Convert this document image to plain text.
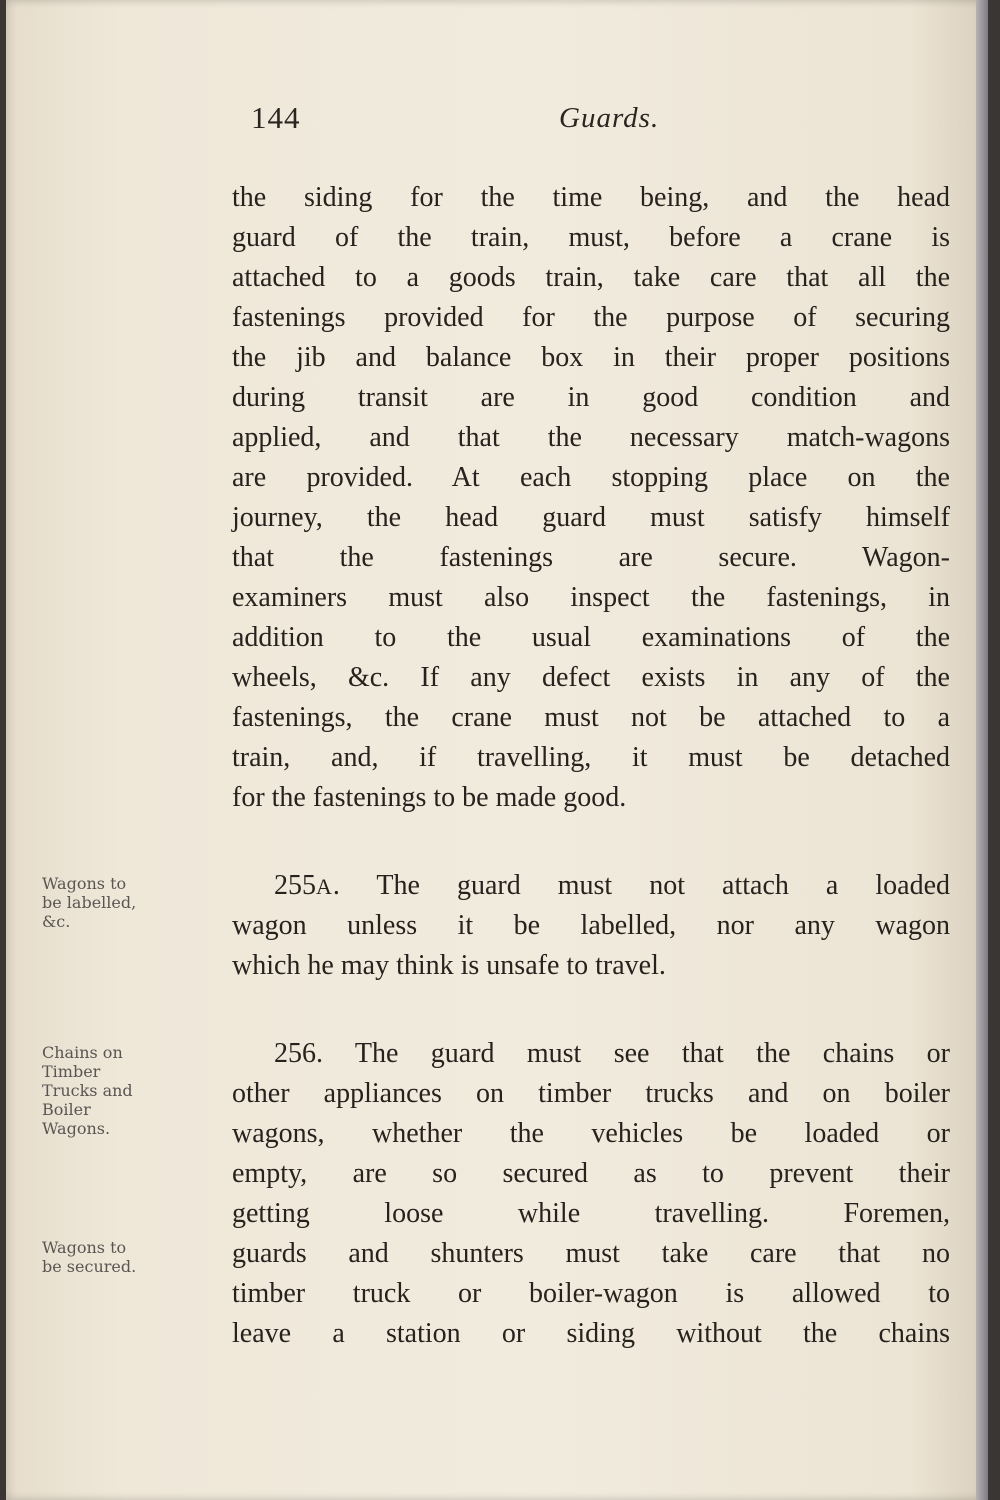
144	Guards.
the siding for the time being, and the head
guard of the train, must, before a crane is
attached to a goods train, take care that all the
fastenings provided for the purpose of securing
the jib and balance box in their proper positions
during transit are in good condition and
applied, and that the necessary match-wagons
are provided. At each stopping place on the
journey, the head guard must satisfy himself
that the fastenings are secure. Wagon-
examiners must also inspect the fastenings, in
addition to the usual examinations of the
wheels, &c. If any defect exists in any of the
fastenings, the crane must not be attached to a
train, and, if travelling, it must be detached
for the fastenings to be made good.
Wagons to
be labelled,
&c.
255A. The guard must not attach a loaded
wagon unless it be labelled, nor any wagon
which he may think is unsafe to travel.
Chains on
Timber
Trucks and
Boiler
Wagons.
256. The guard must see that the chains or
other appliances on timber trucks and on boiler
wagons, whether the vehicles be loaded or
empty, are so secured as to prevent their
getting loose while travelling. Foremen,
guards and shunters must take care that no
timber truck or boiler-wagon is allowed to
leave a station or siding without the chains
Wagons to
be secured.
